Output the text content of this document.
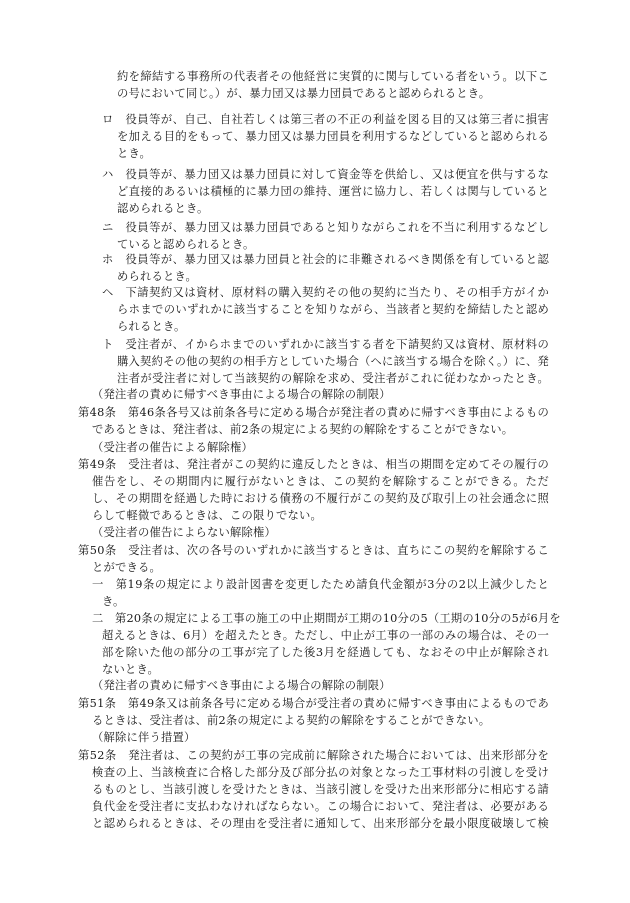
約を締結する事務所の代表者その他経営に実質的に関与している者をいう。以下こ
の号において同じ。）が、暴力団又は暴力団員であると認められるとき。
ロ　役員等が、自己、自社若しくは第三者の不正の利益を図る目的又は第三者に損害
を加える目的をもって、暴力団又は暴力団員を利用するなどしていると認められる
とき。
ハ　役員等が、暴力団又は暴力団員に対して資金等を供給し、又は便宜を供与するな
ど直接的あるいは積極的に暴力団の維持、運営に協力し、若しくは関与していると
認められるとき。
ニ　役員等が、暴力団又は暴力団員であると知りながらこれを不当に利用するなどし
ていると認められるとき。
ホ　役員等が、暴力団又は暴力団員と社会的に非難されるべき関係を有していると認
められるとき。
ヘ　下請契約又は資材、原材料の購入契約その他の契約に当たり、その相手方がイか
らホまでのいずれかに該当することを知りながら、当該者と契約を締結したと認め
られるとき。
ト　受注者が、イからホまでのいずれかに該当する者を下請契約又は資材、原材料の
購入契約その他の契約の相手方としていた場合（ヘに該当する場合を除く。）に、発
注者が受注者に対して当該契約の解除を求め、受注者がこれに従わなかったとき。
（発注者の責めに帰すべき事由による場合の解除の制限）
第48条　第46条各号又は前条各号に定める場合が発注者の責めに帰すべき事由によるもの
であるときは、発注者は、前2条の規定による契約の解除をすることができない。
（受注者の催告による解除権）
第49条　受注者は、発注者がこの契約に違反したときは、相当の期間を定めてその履行の
催告をし、その期間内に履行がないときは、この契約を解除することができる。ただ
し、その期間を経過した時における債務の不履行がこの契約及び取引上の社会通念に照
らして軽微であるときは、この限りでない。
（受注者の催告によらない解除権）
第50条　受注者は、次の各号のいずれかに該当するときは、直ちにこの契約を解除するこ
とができる。
一　第19条の規定により設計図書を変更したため請負代金額が3分の2以上減少したと
き。
二　第20条の規定による工事の施工の中止期間が工期の10分の5（工期の10分の5が6月を
超えるときは、6月）を超えたとき。ただし、中止が工事の一部のみの場合は、その一
部を除いた他の部分の工事が完了した後3月を経過しても、なおその中止が解除され
ないとき。
（発注者の責めに帰すべき事由による場合の解除の制限）
第51条　第49条又は前条各号に定める場合が受注者の責めに帰すべき事由によるものであ
るときは、受注者は、前2条の規定による契約の解除をすることができない。
（解除に伴う措置）
第52条　発注者は、この契約が工事の完成前に解除された場合においては、出来形部分を
検査の上、当該検査に合格した部分及び部分払の対象となった工事材料の引渡しを受け
るものとし、当該引渡しを受けたときは、当該引渡しを受けた出来形部分に相応する請
負代金を受注者に支払わなければならない。この場合において、発注者は、必要がある
と認められるときは、その理由を受注者に通知して、出来形部分を最小限度破壊して検
